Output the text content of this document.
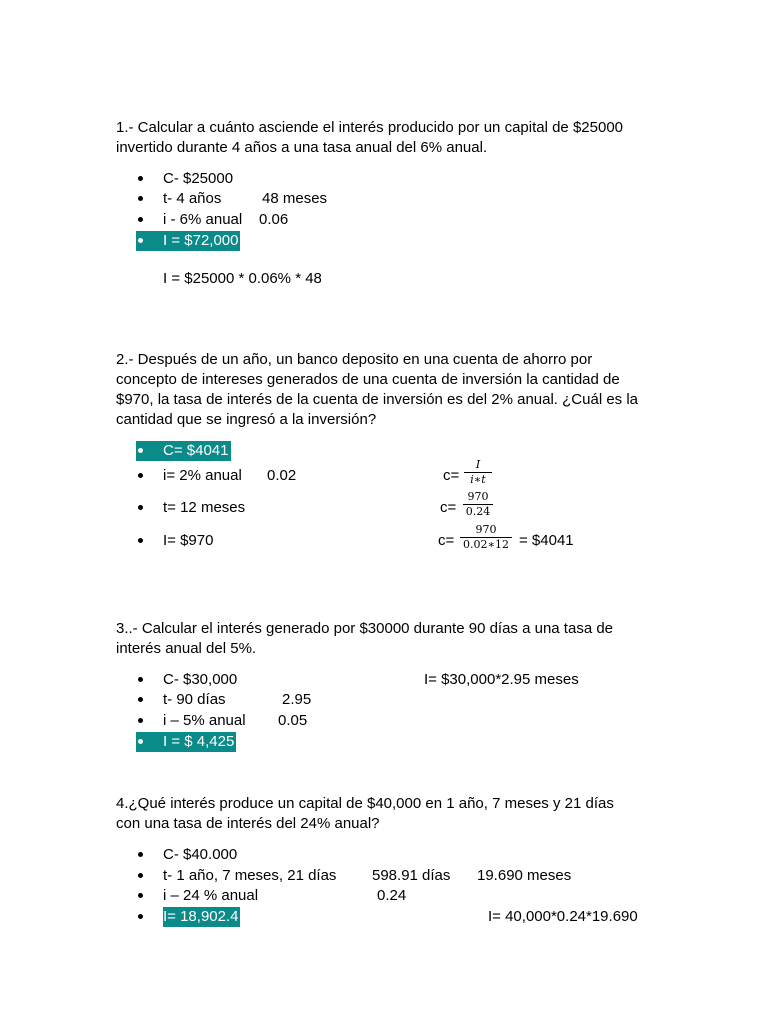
1.- Calcular a cuánto asciende el interés producido por un capital de $25000
invertido durante 4 años a una tasa anual del 6% anual.
C- $25000
t- 4 años	48 meses
i - 6% anual 0.06
I = $72,000
I = $25000 * 0.06% * 48
2.- Después de un año, un banco deposito en una cuenta de ahorro por
concepto de intereses generados de una cuenta de inversión la cantidad de
$970, la tasa de interés de la cuenta de inversión es del 2% anual. ¿Cuál es la
cantidad que se ingresó a la inversión?
C= $4041
i= 2% anual 0.02	c=
I
i∗t
t= 12 meses	c=
970
0.24
I= $970	c=
970
0.02∗12 = $4041
3..- Calcular el interés generado por $30000 durante 90 días a una tasa de
interés anual del 5%.
C- $30,000	I= $30,000*2.95 meses
t- 90 días	2.95
i – 5% anual 0.05
I = $ 4,425
4.¿Qué interés produce un capital de $40,000 en 1 año, 7 meses y 21 días
con una tasa de interés del 24% anual?
C- $40.000
t- 1 año, 7 meses, 21 días 598.91 días 19.690 meses
i – 24 % anual	0.24
I= 18,902.4	I= 40,000*0.24*19.690
